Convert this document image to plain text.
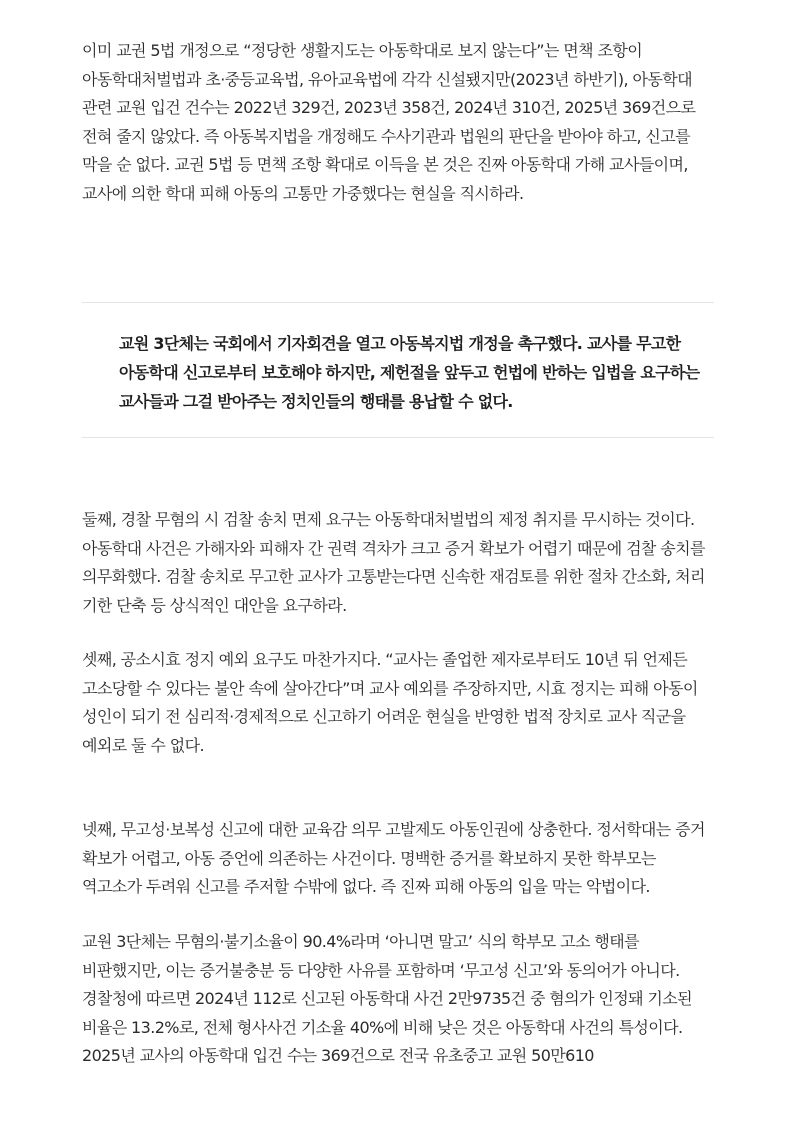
이미 교권 5법 개정으로 “정당한 생활지도는 아동학대로 보지 않는다”는 면책 조항이 아동학대처벌법과 초·중등교육법, 유아교육법에 각각 신설됐지만(2023년 하반기), 아동학대 관련 교원 입건 건수는 2022년 329건, 2023년 358건, 2024년 310건, 2025년 369건으로 전혀 줄지 않았다. 즉 아동복지법을 개정해도 수사기관과 법원의 판단을 받아야 하고, 신고를 막을 순 없다. 교권 5법 등 면책 조항 확대로 이득을 본 것은 진짜 아동학대 가해 교사들이며, 교사에 의한 학대 피해 아동의 고통만 가중했다는 현실을 직시하라.

교원 3단체는 국회에서 기자회견을 열고 아동복지법 개정을 촉구했다. 교사를 무고한 아동학대 신고로부터 보호해야 하지만, 제헌절을 앞두고 헌법에 반하는 입법을 요구하는 교사들과 그걸 받아주는 정치인들의 행태를 용납할 수 없다.

둘째, 경찰 무혐의 시 검찰 송치 면제 요구는 아동학대처벌법의 제정 취지를 무시하는 것이다. 아동학대 사건은 가해자와 피해자 간 권력 격차가 크고 증거 확보가 어렵기 때문에 검찰 송치를 의무화했다. 검찰 송치로 무고한 교사가 고통받는다면 신속한 재검토를 위한 절차 간소화, 처리 기한 단축 등 상식적인 대안을 요구하라.

셋째, 공소시효 정지 예외 요구도 마찬가지다. “교사는 졸업한 제자로부터도 10년 뒤 언제든 고소당할 수 있다는 불안 속에 살아간다”며 교사 예외를 주장하지만, 시효 정지는 피해 아동이 성인이 되기 전 심리적·경제적으로 신고하기 어려운 현실을 반영한 법적 장치로 교사 직군을 예외로 둘 수 없다.

넷째, 무고성·보복성 신고에 대한 교육감 의무 고발제도 아동인권에 상충한다. 정서학대는 증거 확보가 어렵고, 아동 증언에 의존하는 사건이다. 명백한 증거를 확보하지 못한 학부모는 역고소가 두려워 신고를 주저할 수밖에 없다. 즉 진짜 피해 아동의 입을 막는 악법이다.

교원 3단체는 무혐의·불기소율이 90.4%라며 ‘아니면 말고’ 식의 학부모 고소 행태를 비판했지만, 이는 증거불충분 등 다양한 사유를 포함하며 ‘무고성 신고’와 동의어가 아니다. 경찰청에 따르면 2024년 112로 신고된 아동학대 사건 2만9735건 중 혐의가 인정돼 기소된 비율은 13.2%로, 전체 형사사건 기소율 40%에 비해 낮은 것은 아동학대 사건의 특성이다. 2025년 교사의 아동학대 입건 수는 369건으로 전국 유초중고 교원 50만610
